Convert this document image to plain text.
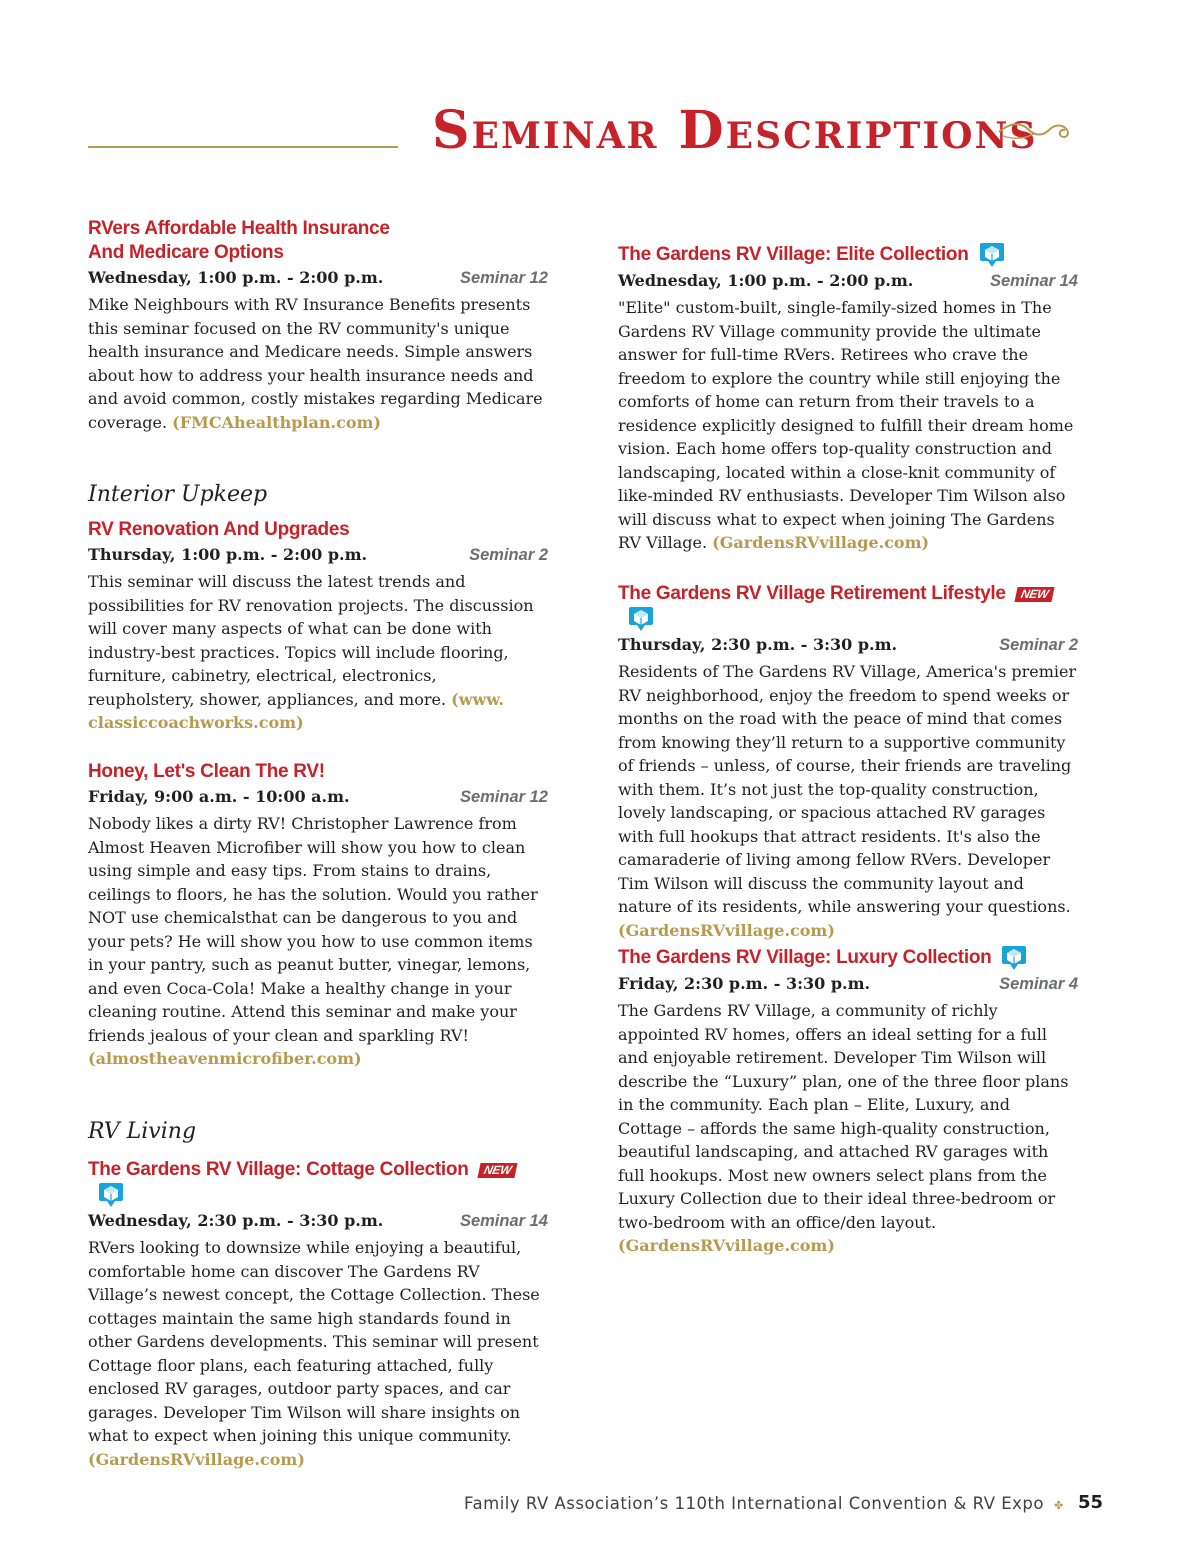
Seminar Descriptions
RVers Affordable Health Insurance
And Medicare Options
Wednesday, 1:00 p.m. - 2:00 p.m.	Seminar 12
Mike Neighbours with RV Insurance Benefits presents this seminar focused on the RV community's unique health insurance and Medicare needs. Simple answers about how to address your health insurance needs and and avoid common, costly mistakes regarding Medicare coverage. (FMCAhealthplan.com)
Interior Upkeep
RV Renovation And Upgrades
Thursday, 1:00 p.m. - 2:00 p.m.	Seminar 2
This seminar will discuss the latest trends and possibilities for RV renovation projects. The discussion will cover many aspects of what can be done with industry-best practices. Topics will include flooring, furniture, cabinetry, electrical, electronics, reupholstery, shower, appliances, and more. (www. classiccoachworks.com)
Honey, Let's Clean The RV!
Friday, 9:00 a.m. - 10:00 a.m.	Seminar 12
Nobody likes a dirty RV! Christopher Lawrence from Almost Heaven Microfiber will show you how to clean using simple and easy tips. From stains to drains, ceilings to floors, he has the solution. Would you rather NOT use chemicalsthat can be dangerous to you and your pets? He will show you how to use common items in your pantry, such as peanut butter, vinegar, lemons, and even Coca-Cola! Make a healthy change in your cleaning routine. Attend this seminar and make your friends jealous of your clean and sparkling RV! (almostheavenmicrofiber.com)
RV Living
The Gardens RV Village: Cottage Collection NEW
Wednesday, 2:30 p.m. - 3:30 p.m.	Seminar 14
RVers looking to downsize while enjoying a beautiful, comfortable home can discover The Gardens RV Village’s newest concept, the Cottage Collection. These cottages maintain the same high standards found in other Gardens developments. This seminar will present Cottage floor plans, each featuring attached, fully enclosed RV garages, outdoor party spaces, and car garages. Developer Tim Wilson will share insights on what to expect when joining this unique community. (GardensRVvillage.com)
The Gardens RV Village: Elite Collection
Wednesday, 1:00 p.m. - 2:00 p.m.	Seminar 14
"Elite" custom-built, single-family-sized homes in The Gardens RV Village community provide the ultimate answer for full-time RVers. Retirees who crave the freedom to explore the country while still enjoying the comforts of home can return from their travels to a residence explicitly designed to fulfill their dream home vision. Each home offers top-quality construction and landscaping, located within a close-knit community of like-minded RV enthusiasts. Developer Tim Wilson also will discuss what to expect when joining The Gardens RV Village. (GardensRVvillage.com)
The Gardens RV Village Retirement Lifestyle NEW
Thursday, 2:30 p.m. - 3:30 p.m.	Seminar 2
Residents of The Gardens RV Village, America's premier RV neighborhood, enjoy the freedom to spend weeks or months on the road with the peace of mind that comes from knowing they’ll return to a supportive community of friends – unless, of course, their friends are traveling with them. It’s not just the top-quality construction, lovely landscaping, or spacious attached RV garages with full hookups that attract residents. It's also the camaraderie of living among fellow RVers. Developer Tim Wilson will discuss the community layout and nature of its residents, while answering your questions. (GardensRVvillage.com)
The Gardens RV Village: Luxury Collection
Friday, 2:30 p.m. - 3:30 p.m.	Seminar 4
The Gardens RV Village, a community of richly appointed RV homes, offers an ideal setting for a full and enjoyable retirement. Developer Tim Wilson will describe the “Luxury” plan, one of the three floor plans in the community. Each plan – Elite, Luxury, and Cottage – affords the same high-quality construction, beautiful landscaping, and attached RV garages with full hookups. Most new owners select plans from the Luxury Collection due to their ideal three-bedroom or two-bedroom with an office/den layout. (GardensRVvillage.com)
Family RV Association’s 110th International Convention & RV Expo ✤ 55
